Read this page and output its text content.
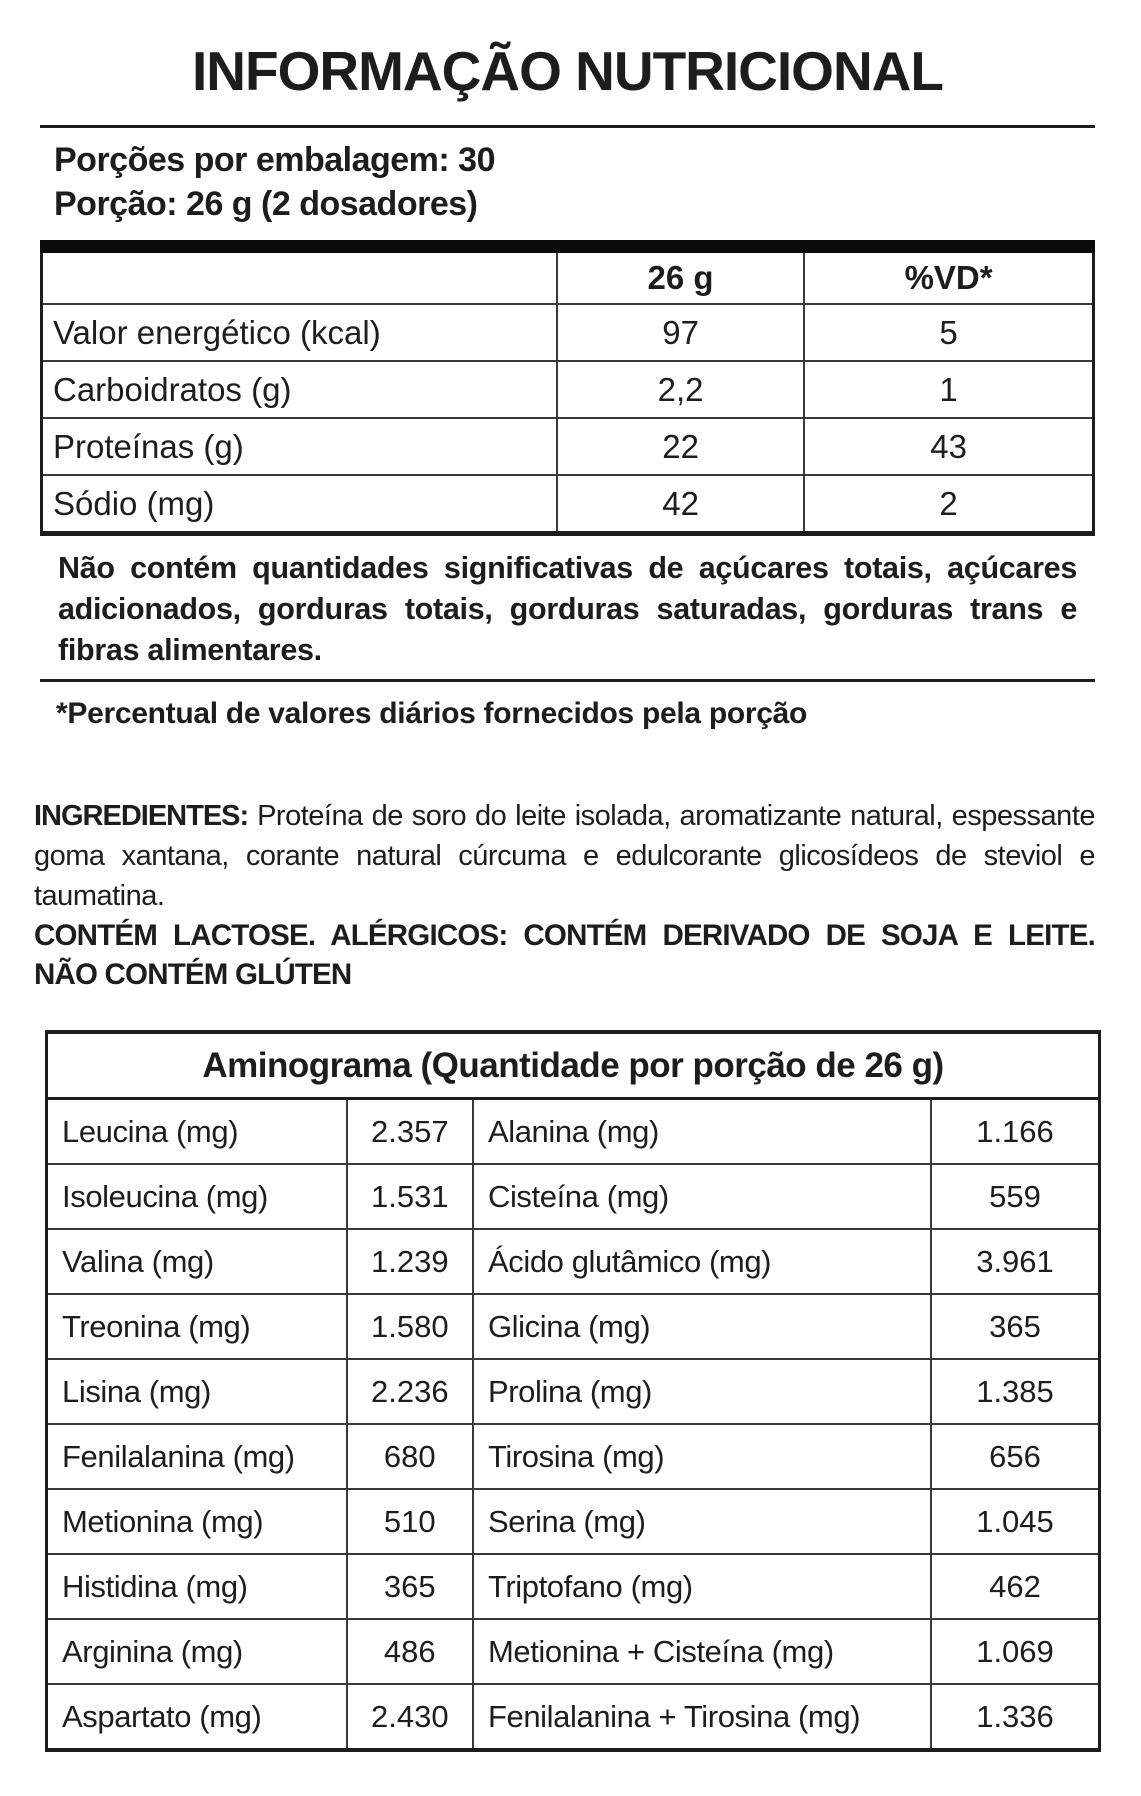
INFORMAÇÃO NUTRICIONAL
Porções por embalagem: 30
Porção: 26 g (2 dosadores)
	26 g	%VD*
Valor energético (kcal)	97	5
Carboidratos (g)	2,2	1
Proteínas (g)	22	43
Sódio (mg)	42	2

Não contém quantidades significativas de açúcares totais, açúcares adicionados, gorduras totais, gorduras saturadas, gorduras trans e fibras alimentares.

*Percentual de valores diários fornecidos pela porção

INGREDIENTES: Proteína de soro do leite isolada, aromatizante natural, espessante goma xantana, corante natural cúrcuma e edulcorante glicosídeos de steviol e taumatina.

CONTÉM LACTOSE. ALÉRGICOS: CONTÉM DERIVADO DE SOJA E LEITE.

NÃO CONTÉM GLÚTEN

Aminograma (Quantidade por porção de 26 g)			
Leucina (mg)	2.357	Alanina (mg)	1.166
Isoleucina (mg)	1.531	Cisteína (mg)	559
Valina (mg)	1.239	Ácido glutâmico (mg)	3.961
Treonina (mg)	1.580	Glicina (mg)	365
Lisina (mg)	2.236	Prolina (mg)	1.385
Fenilalanina (mg)	680	Tirosina (mg)	656
Metionina (mg)	510	Serina (mg)	1.045
Histidina (mg)	365	Triptofano (mg)	462
Arginina (mg)	486	Metionina + Cisteína (mg)	1.069
Aspartato (mg)	2.430	Fenilalanina + Tirosina (mg)	1.336
